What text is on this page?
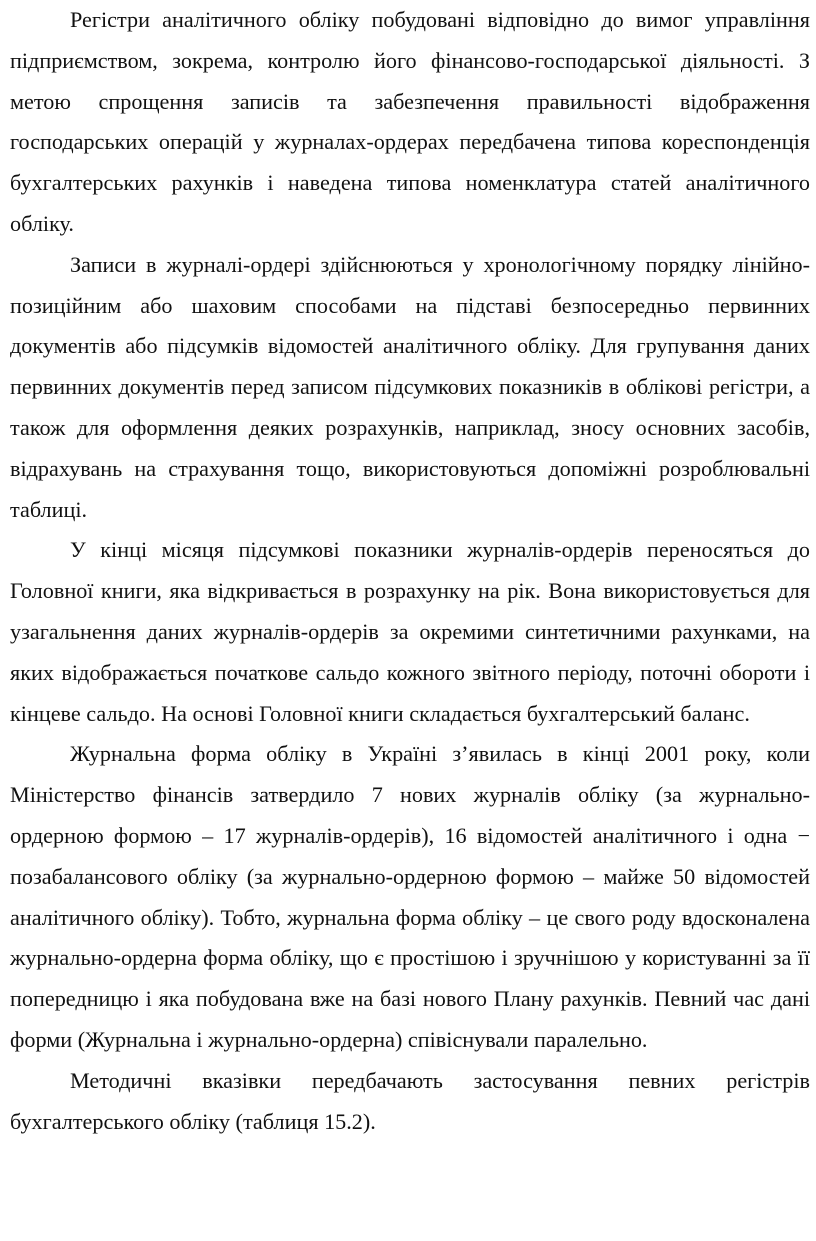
Регістри аналітичного обліку побудовані відповідно до вимог управління підприємством, зокрема, контролю його фінансово-господарської діяльності. З метою спрощення записів та забезпечення правильності відображення господарських операцій у журналах-ордерах передбачена типова кореспонденція бухгалтерських рахунків і наведена типова номенклатура статей аналітичного обліку.

Записи в журналі-ордері здійснюються у хронологічному порядку лінійно-позиційним або шаховим способами на підставі безпосередньо первинних документів або підсумків відомостей аналітичного обліку. Для групування даних первинних документів перед записом підсумкових показників в облікові регістри, а також для оформлення деяких розрахунків, наприклад, зносу основних засобів, відрахувань на страхування тощо, використовуються допоміжні розроблювальні таблиці.

У кінці місяця підсумкові показники журналів-ордерів переносяться до Головної книги, яка відкривається в розрахунку на рік. Вона використовується для узагальнення даних журналів-ордерів за окремими синтетичними рахунками, на яких відображається початкове сальдо кожного звітного періоду, поточні обороти і кінцеве сальдо. На основі Головної книги складається бухгалтерський баланс.

Журнальна форма обліку в Україні з’явилась в кінці 2001 року, коли Міністерство фінансів затвердило 7 нових журналів обліку (за журнально-ордерною формою – 17 журналів-ордерів), 16 відомостей аналітичного і одна − позабалансового обліку (за журнально-ордерною формою – майже 50 відомостей аналітичного обліку). Тобто, журнальна форма обліку – це свого роду вдосконалена журнально-ордерна форма обліку, що є простішою і зручнішою у користуванні за її попередницю і яка побудована вже на базі нового Плану рахунків. Певний час дані форми (Журнальна і журнально-ордерна) співіснували паралельно.

Методичні вказівки передбачають застосування певних регістрів бухгалтерського обліку (таблиця 15.2).
